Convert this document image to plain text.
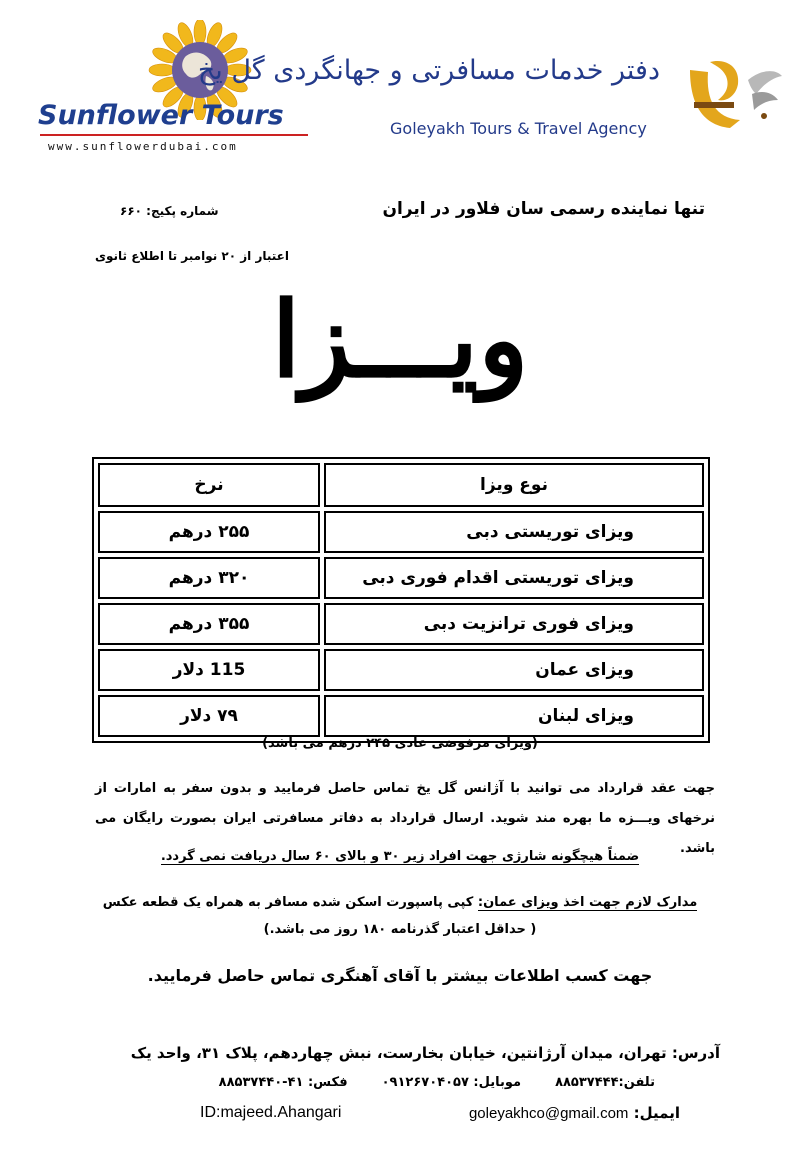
Sunflower Tours
www.sunflowerdubai.com
دفتر خدمات مسافرتی و جهانگردی گل یخ
Goleyakh Tours & Travel Agency
تنها نماینده رسمی سان فلاور در ایران
شماره پکیج: ۶۶۰
اعتبار از ۲۰ نوامبر تا اطلاع ثانوی
ویـــزا
نوع ویزا	نرخ
ویزای توریستی دبی	۲۵۵ درهم
ویزای توریستی اقدام فوری دبی	۳۲۰ درهم
ویزای فوری ترانزیت دبی	۳۵۵ درهم
ویزای عمان	115 دلار
ویزای لبنان	۷۹ دلار
(ویزای مرفوضی عادی ۲۴۵ درهم می باشد)
جهت عقد قرارداد می توانید با آژانس گل یخ تماس حاصل فرمایید و بدون سفر به امارات از نرخهای ویـــزه ما بهره مند شوید. ارسال قرارداد به دفاتر مسافرتی ایران بصورت رایگان می باشد.
ضمناً هیچگونه شارژی جهت افراد زیر ۳۰ و بالای ۶۰ سال دریافت نمی گردد.
مدارک لازم جهت اخذ ویزای عمان: کپی پاسپورت اسکن شده مسافر به همراه یک قطعه عکس
( حداقل اعتبار گذرنامه ۱۸۰ روز می باشد.)
جهت کسب اطلاعات بیشتر با آقای آهنگری تماس حاصل فرمایید.
آدرس: تهران، میدان آرژانتین، خیابان بخارست، نبش چهاردهم، پلاک ۳۱، واحد یک
تلفن:۸۸۵۳۷۴۴۴موبایل: ۰۹۱۲۶۷۰۴۰۵۷فکس: ۴۱-۸۸۵۳۷۴۴۰
ایمیل: goleyakhco@gmail.com
ID:majeed.Ahangari
